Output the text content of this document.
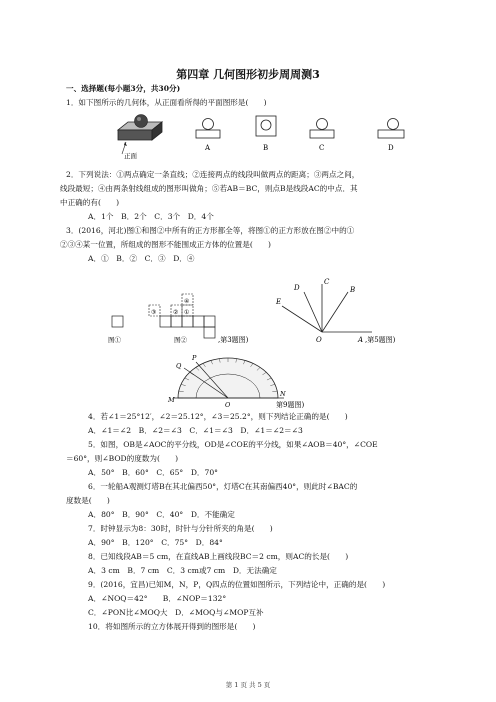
第四章 几何图形初步周周测3
一、选择题(每小题3分，共30分)
1．如下图所示的几何体，从正面看所得的平面图形是(　　)
正面
A	B	C	D
2．下列说法：①两点确定一条直线；②连接两点的线段叫做两点的距离；③两点之间，
线段最短；④由两条射线组成的图形叫做角；⑤若AB＝BC，则点B是线段AC的中点．其
中正确的有(　　)
A．1个　B．2个　C．3个　D．4个
3．(2016，河北)图①和图②中所有的正方形都全等，将图①的正方形放在图②中的①
②③④某一位置，所组成的图形不能围成正方体的位置是(　　)
A．①　B．②　C．③　D．④
图①
③	②
④
①
图②	,第3题图)
C
D
E
B
O	A ,第5题图)
Q
P
N
M
O	第9题图)
4．若∠1＝25°12′，∠2＝25.12°，∠3＝25.2°，则下列结论正确的是(　　)
A．∠1＝∠2　B．∠2＝∠3　C．∠1＝∠3　D．∠1＝∠2＝∠3
5．如图，OB是∠AOC的平分线，OD是∠COE的平分线，如果∠AOB＝40°，∠COE
＝60°，则∠BOD的度数为(　　)
A．50°　B．60°　C．65°　D．70°
6．一轮船A观测灯塔B在其北偏西50°，灯塔C在其南偏西40°，则此时∠BAC的
度数是(　　)
A．80°　B．90°　C．40°　D．不能确定
7．时钟显示为8：30时，时针与分针所夹的角是(　　)
A．90°　B．120°　C．75°　D．84°
8．已知线段AB＝5 cm，在直线AB上画线段BC＝2 cm，则AC的长是(　　)
A．3 cm　B．7 cm　C．3 cm或7 cm　D．无法确定
9．(2016，宜昌)已知M，N，P，Q四点的位置如图所示，下列结论中，正确的是(　　)
A．∠NOQ＝42°　　B．∠NOP＝132°
C．∠PON比∠MOQ大　D．∠MOQ与∠MOP互补
10．将如图所示的立方体展开得到的图形是(　　)
第 1 页 共 5 页
